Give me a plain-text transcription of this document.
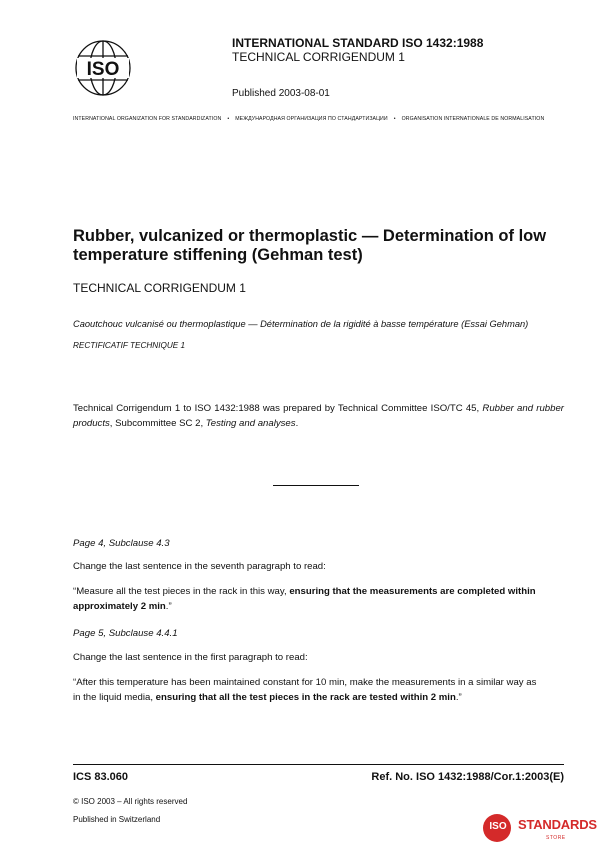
ISO
INTERNATIONAL STANDARD ISO 1432:1988
TECHNICAL CORRIGENDUM 1
Published 2003-08-01
INTERNATIONAL ORGANIZATION FOR STANDARDIZATION • МЕЖДУНАРОДНАЯ ОРГАНИЗАЦИЯ ПО СТАНДАРТИЗАЦИИ • ORGANISATION INTERNATIONALE DE NORMALISATION
Rubber, vulcanized or thermoplastic — Determination of low
temperature stiffening (Gehman test)
TECHNICAL CORRIGENDUM 1
Caoutchouc vulcanisé ou thermoplastique — Détermination de la rigidité à basse température (Essai Gehman)
RECTIFICATIF TECHNIQUE 1
Technical Corrigendum 1 to ISO 1432:1988 was prepared by Technical Committee ISO/TC 45, Rubber and rubber products, Subcommittee SC 2, Testing and analyses.
Page 4, Subclause 4.3
Change the last sentence in the seventh paragraph to read:
“Measure all the test pieces in the rack in this way, ensuring that the measurements are completed within
approximately 2 min.”
Page 5, Subclause 4.4.1
Change the last sentence in the first paragraph to read:
“After this temperature has been maintained constant for 10 min, make the measurements in a similar way as
in the liquid media, ensuring that all the test pieces in the rack are tested within 2 min.”
ICS 83.060	Ref. No. ISO 1432:1988/Cor.1:2003(E)
© ISO 2003 – All rights reserved
Published in Switzerland
ISO STANDARDS
STORE
